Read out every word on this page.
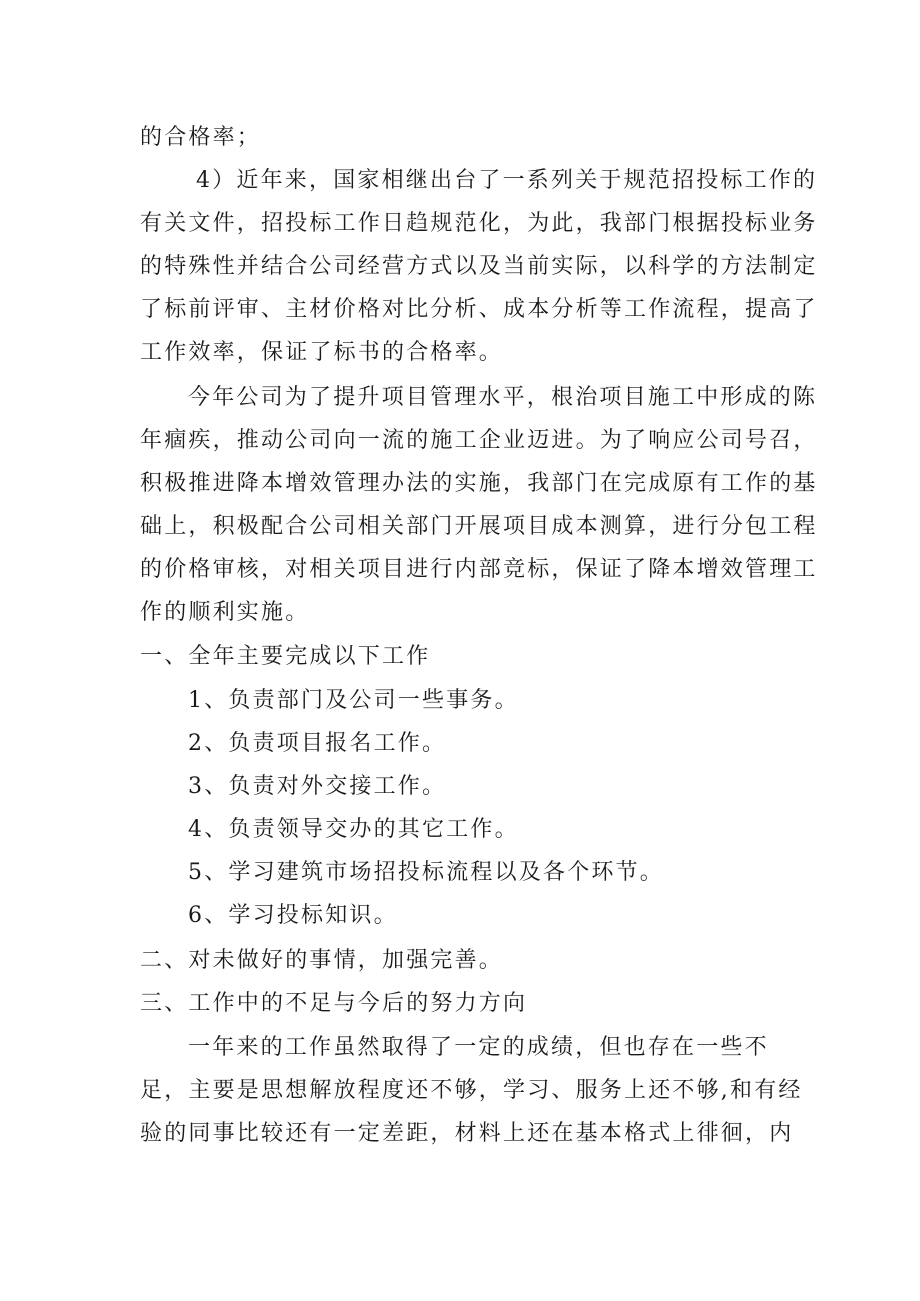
的合格率；
4）近年来，国家相继出台了一系列关于规范招投标工作的
有关文件，招投标工作日趋规范化，为此，我部门根据投标业务
的特殊性并结合公司经营方式以及当前实际，以科学的方法制定
了标前评审、主材价格对比分析、成本分析等工作流程，提高了
工作效率，保证了标书的合格率。
今年公司为了提升项目管理水平，根治项目施工中形成的陈
年痼疾，推动公司向一流的施工企业迈进。为了响应公司号召，
积极推进降本增效管理办法的实施，我部门在完成原有工作的基
础上，积极配合公司相关部门开展项目成本测算，进行分包工程
的价格审核，对相关项目进行内部竞标，保证了降本增效管理工
作的顺利实施。
一、全年主要完成以下工作
1、负责部门及公司一些事务。
2、负责项目报名工作。
3、负责对外交接工作。
4、负责领导交办的其它工作。
5、学习建筑市场招投标流程以及各个环节。
6、学习投标知识。
二、对未做好的事情，加强完善。
三、工作中的不足与今后的努力方向
一年来的工作虽然取得了一定的成绩，但也存在一些不
足，主要是思想解放程度还不够，学习、服务上还不够,和有经
验的同事比较还有一定差距，材料上还在基本格式上徘徊，内
